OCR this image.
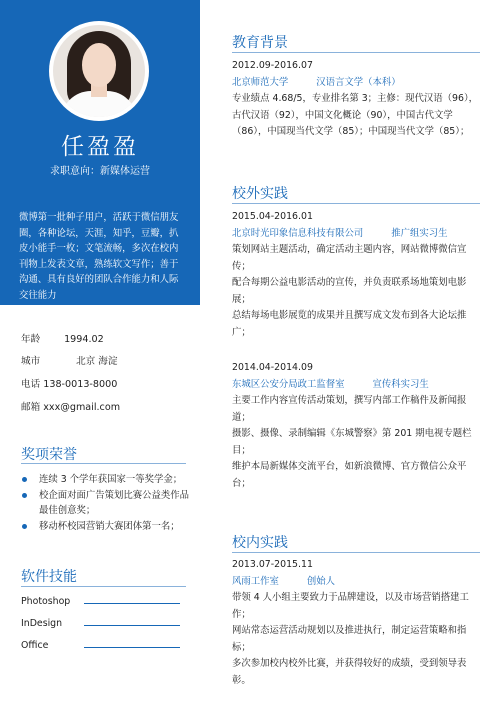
任盈盈
求职意向：新媒体运营
微博第一批种子用户，活跃于微信朋友圈，各种论坛，天涯，知乎，豆瓣，扒皮小能手一枚；文笔流畅，多次在校内刊物上发表文章，熟练软文写作；善于沟通、具有良好的团队合作能力和人际交往能力
年龄 1994.02
城市	北京 海淀
电话 138-0013-8000
邮箱 xxx@gmail.com
奖项荣誉
连续 3 个学年获国家一等奖学金；
校企面对面广告策划比赛公益类作品最佳创意奖；
移动杯校园营销大赛团体第一名；
软件技能
Photoshop
InDesign
Office
教育背景
2012.09-2016.07
北京师范大学	汉语言文学（本科）
专业绩点 4.68/5，专业排名第 3；主修：现代汉语（96），
古代汉语（92），中国文化概论（90），中国古代文学
（86），中国现当代文学（85）；中国现当代文学（85）；
校外实践
2015.04-2016.01
北京时光印象信息科技有限公司	推广组实习生
策划网站主题活动，确定活动主题内容，网站微博微信宣
传；
配合每期公益电影活动的宣传，并负责联系场地策划电影
展；
总结每场电影展览的成果并且撰写成文发布到各大论坛推
广；
2014.04-2014.09
东城区公安分局政工监督室	宣传科实习生
主要工作内容宣传活动策划，撰写内部工作稿件及新闻报
道；
摄影、摄像、录制编辑《东城警察》第 201 期电视专题栏
目；
维护本局新媒体交流平台，如新浪微博、官方微信公众平
台；
校内实践
2013.07-2015.11
风雨工作室	创始人
带领 4 人小组主要致力于品牌建设，以及市场营销搭建工
作；
网站常态运营活动规划以及推进执行，制定运营策略和指
标；
多次参加校内校外比赛，并获得较好的成绩，受到领导表
彰。
